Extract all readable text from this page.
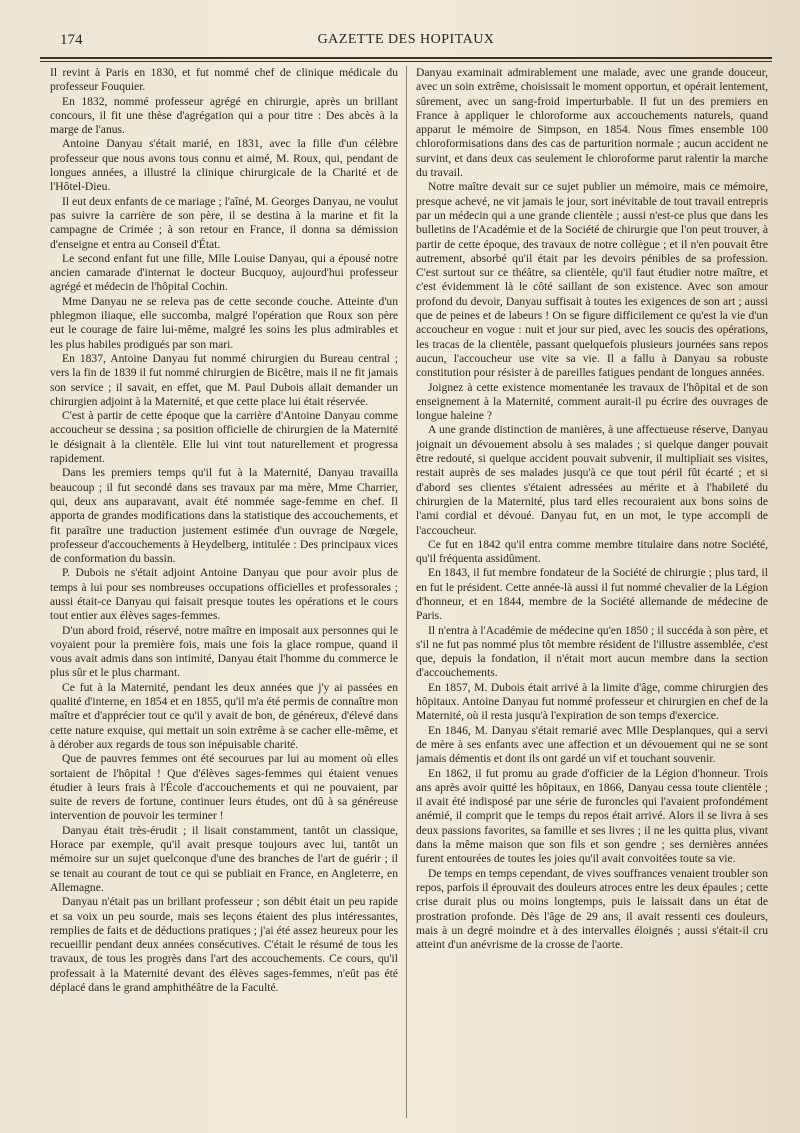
174	GAZETTE DES HOPITAUX

Il revint à Paris en 1830, et fut nommé chef de clinique médicale du professeur Fouquier.

En 1832, nommé professeur agrégé en chirurgie, après un brillant concours, il fit une thèse d'agrégation qui a pour titre : Des abcès à la marge de l'anus.

Antoine Danyau s'était marié, en 1831, avec la fille d'un célèbre professeur que nous avons tous connu et aimé, M. Roux, qui, pendant de longues années, a illustré la clinique chirurgicale de la Charité et de l'Hôtel-Dieu.

Il eut deux enfants de ce mariage ; l'aîné, M. Georges Danyau, ne voulut pas suivre la carrière de son père, il se destina à la marine et fit la campagne de Crimée ; à son retour en France, il donna sa démission d'enseigne et entra au Conseil d'État.

Le second enfant fut une fille, Mlle Louise Danyau, qui a épousé notre ancien camarade d'internat le docteur Bucquoy, aujourd'hui professeur agrégé et médecin de l'hôpital Cochin.

Mme Danyau ne se releva pas de cette seconde couche. Atteinte d'un phlegmon iliaque, elle succomba, malgré l'opération que Roux son père eut le courage de faire lui-même, malgré les soins les plus admirables et les plus habiles prodigués par son mari.

En 1837, Antoine Danyau fut nommé chirurgien du Bureau central ; vers la fin de 1839 il fut nommé chirurgien de Bicêtre, mais il ne fit jamais son service ; il savait, en effet, que M. Paul Dubois allait demander un chirurgien adjoint à la Maternité, et que cette place lui était réservée.

C'est à partir de cette époque que la carrière d'Antoine Danyau comme accoucheur se dessina ; sa position officielle de chirurgien de la Maternité le désignait à la clientèle. Elle lui vint tout naturellement et progressa rapidement.

Dans les premiers temps qu'il fut à la Maternité, Danyau travailla beaucoup ; il fut secondé dans ses travaux par ma mère, Mme Charrier, qui, deux ans auparavant, avait été nommée sage-femme en chef. Il apporta de grandes modifications dans la statistique des accouchements, et fit paraître une traduction justement estimée d'un ouvrage de Nœgele, professeur d'accouchements à Heydelberg, intitulée : Des principaux vices de conformation du bassin.

P. Dubois ne s'était adjoint Antoine Danyau que pour avoir plus de temps à lui pour ses nombreuses occupations officielles et professorales ; aussi était-ce Danyau qui faisait presque toutes les opérations et le cours tout entier aux élèves sages-femmes.

D'un abord froid, réservé, notre maître en imposait aux personnes qui le voyaient pour la première fois, mais une fois la glace rompue, quand il vous avait admis dans son intimité, Danyau était l'homme du commerce le plus sûr et le plus charmant.

Ce fut à la Maternité, pendant les deux années que j'y ai passées en qualité d'interne, en 1854 et en 1855, qu'il m'a été permis de connaître mon maître et d'apprécier tout ce qu'il y avait de bon, de généreux, d'élevé dans cette nature exquise, qui mettait un soin extrême à se cacher elle-même, et à dérober aux regards de tous son inépuisable charité.

Que de pauvres femmes ont été secourues par lui au moment où elles sortaient de l'hôpital ! Que d'élèves sages-femmes qui étaient venues étudier à leurs frais à l'École d'accouchements et qui ne pouvaient, par suite de revers de fortune, continuer leurs études, ont dû à sa généreuse intervention de pouvoir les terminer !

Danyau était très-érudit ; il lisait constamment, tantôt un classique, Horace par exemple, qu'il avait presque toujours avec lui, tantôt un mémoire sur un sujet quelconque d'une des branches de l'art de guérir ; il se tenait au courant de tout ce qui se publiait en France, en Angleterre, en Allemagne.

Danyau n'était pas un brillant professeur ; son débit était un peu rapide et sa voix un peu sourde, mais ses leçons étaient des plus intéressantes, remplies de faits et de déductions pratiques ; j'ai été assez heureux pour les recueillir pendant deux années consécutives. C'était le résumé de tous les travaux, de tous les progrès dans l'art des accouchements. Ce cours, qu'il professait à la Maternité devant des élèves sages-femmes, n'eût pas été déplacé dans le grand amphithéâtre de la Faculté.

Danyau examinait admirablement une malade, avec une grande douceur, avec un soin extrême, choisissait le moment opportun, et opérait lentement, sûrement, avec un sang-froid imperturbable. Il fut un des premiers en France à appliquer le chloroforme aux accouchements naturels, quand apparut le mémoire de Simpson, en 1854. Nous fîmes ensemble 100 chloroformisations dans des cas de parturition normale ; aucun accident ne survint, et dans deux cas seulement le chloroforme parut ralentir la marche du travail.

Notre maître devait sur ce sujet publier un mémoire, mais ce mémoire, presque achevé, ne vit jamais le jour, sort inévitable de tout travail entrepris par un médecin qui a une grande clientèle ; aussi n'est-ce plus que dans les bulletins de l'Académie et de la Société de chirurgie que l'on peut trouver, à partir de cette époque, des travaux de notre collègue ; et il n'en pouvait être autrement, absorbé qu'il était par les devoirs pénibles de sa profession. C'est surtout sur ce théâtre, sa clientèle, qu'il faut étudier notre maître, et c'est évidemment là le côté saillant de son existence. Avec son amour profond du devoir, Danyau suffisait à toutes les exigences de son art ; aussi que de peines et de labeurs ! On se figure difficilement ce qu'est la vie d'un accoucheur en vogue : nuit et jour sur pied, avec les soucis des opérations, les tracas de la clientèle, passant quelquefois plusieurs journées sans repos aucun, l'accoucheur use vite sa vie. Il a fallu à Danyau sa robuste constitution pour résister à de pareilles fatigues pendant de longues années.

Joignez à cette existence momentanée les travaux de l'hôpital et de son enseignement à la Maternité, comment aurait-il pu écrire des ouvrages de longue haleine ?

A une grande distinction de manières, à une affectueuse réserve, Danyau joignait un dévouement absolu à ses malades ; si quelque danger pouvait être redouté, si quelque accident pouvait subvenir, il multipliait ses visites, restait auprès de ses malades jusqu'à ce que tout péril fût écarté ; et si d'abord ses clientes s'étaient adressées au mérite et à l'habileté du chirurgien de la Maternité, plus tard elles recouraient aux bons soins de l'ami cordial et dévoué. Danyau fut, en un mot, le type accompli de l'accoucheur.

Ce fut en 1842 qu'il entra comme membre titulaire dans notre Société, qu'il fréquenta assidûment.

En 1843, il fut membre fondateur de la Société de chirurgie ; plus tard, il en fut le président. Cette année-là aussi il fut nommé chevalier de la Légion d'honneur, et en 1844, membre de la Société allemande de médecine de Paris.

Il n'entra à l'Académie de médecine qu'en 1850 ; il succéda à son père, et s'il ne fut pas nommé plus tôt membre résident de l'illustre assemblée, c'est que, depuis la fondation, il n'était mort aucun membre dans la section d'accouchements.

En 1857, M. Dubois était arrivé à la limite d'âge, comme chirurgien des hôpitaux. Antoine Danyau fut nommé professeur et chirurgien en chef de la Maternité, où il resta jusqu'à l'expiration de son temps d'exercice.

En 1846, M. Danyau s'était remarié avec Mlle Desplanques, qui a servi de mère à ses enfants avec une affection et un dévouement qui ne se sont jamais démentis et dont ils ont gardé un vif et touchant souvenir.

En 1862, il fut promu au grade d'officier de la Légion d'honneur. Trois ans après avoir quitté les hôpitaux, en 1866, Danyau cessa toute clientèle ; il avait été indisposé par une série de furoncles qui l'avaient profondément anémié, il comprit que le temps du repos était arrivé. Alors il se livra à ses deux passions favorites, sa famille et ses livres ; il ne les quitta plus, vivant dans la même maison que son fils et son gendre ; ses dernières années furent entourées de toutes les joies qu'il avait convoitées toute sa vie.

De temps en temps cependant, de vives souffrances venaient troubler son repos, parfois il éprouvait des douleurs atroces entre les deux épaules ; cette crise durait plus ou moins longtemps, puis le laissait dans un état de prostration profonde. Dès l'âge de 29 ans, il avait ressenti ces douleurs, mais à un degré moindre et à des intervalles éloignés ; aussi s'était-il cru atteint d'un anévrisme de la crosse de l'aorte.
